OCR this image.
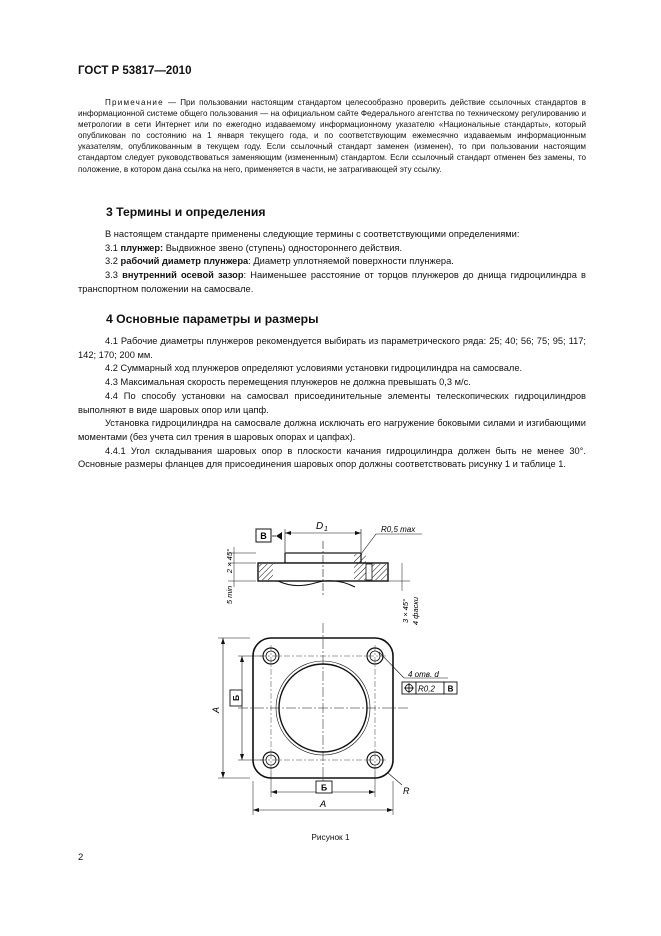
ГОСТ Р 53817—2010

Примечание — При пользовании настоящим стандартом целесообразно проверить действие ссылочных стандартов в информационной системе общего пользования — на официальном сайте Федерального агентства по техническому регулированию и метрологии в сети Интернет или по ежегодно издаваемому информационному указателю «Национальные стандарты», который опубликован по состоянию на 1 января текущего года, и по соответствующим ежемесячно издаваемым информационным указателям, опубликованным в текущем году. Если ссылочный стандарт заменен (изменен), то при пользовании настоящим стандартом следует руководствоваться заменяющим (измененным) стандартом. Если ссылочный стандарт отменен без замены, то положение, в котором дана ссылка на него, применяется в части, не затрагивающей эту ссылку.

3 Термины и определения

В настоящем стандарте применены следующие термины с соответствующими определениями:

3.1 плунжер: Выдвижное звено (ступень) одностороннего действия.

3.2 рабочий диаметр плунжера: Диаметр уплотняемой поверхности плунжера.

3.3 внутренний осевой зазор: Наименьшее расстояние от торцов плунжеров до днища гидроцилиндра в транспортном положении на самосвале.

4 Основные параметры и размеры

4.1 Рабочие диаметры плунжеров рекомендуется выбирать из параметрического ряда: 25; 40; 56; 75; 95; 117; 142; 170; 200 мм.

4.2 Суммарный ход плунжеров определяют условиями установки гидроцилиндра на самосвале.

4.3 Максимальная скорость перемещения плунжеров не должна превышать 0,3 м/с.

4.4 По способу установки на самосвал присоединительные элементы телескопических гидроцилиндров выполняют в виде шаровых опор или цапф.

Установка гидроцилиндра на самосвале должна исключать его нагружение боковыми силами и изгибающими моментами (без учета сил трения в шаровых опорах и цапфах).

4.4.1 Угол складывания шаровых опор в плоскости качания гидроцилиндра должен быть не менее 30°. Основные размеры фланцев для присоединения шаровых опор должны соответствовать рисунку 1 и таблице 1.

В
D 1	R0,5 max
2 × 45°
5 min
3 × 45° 4 фаски
4 отв. d
R0,2 В
А
Б
Б
А
R
Рисунок 1
2
